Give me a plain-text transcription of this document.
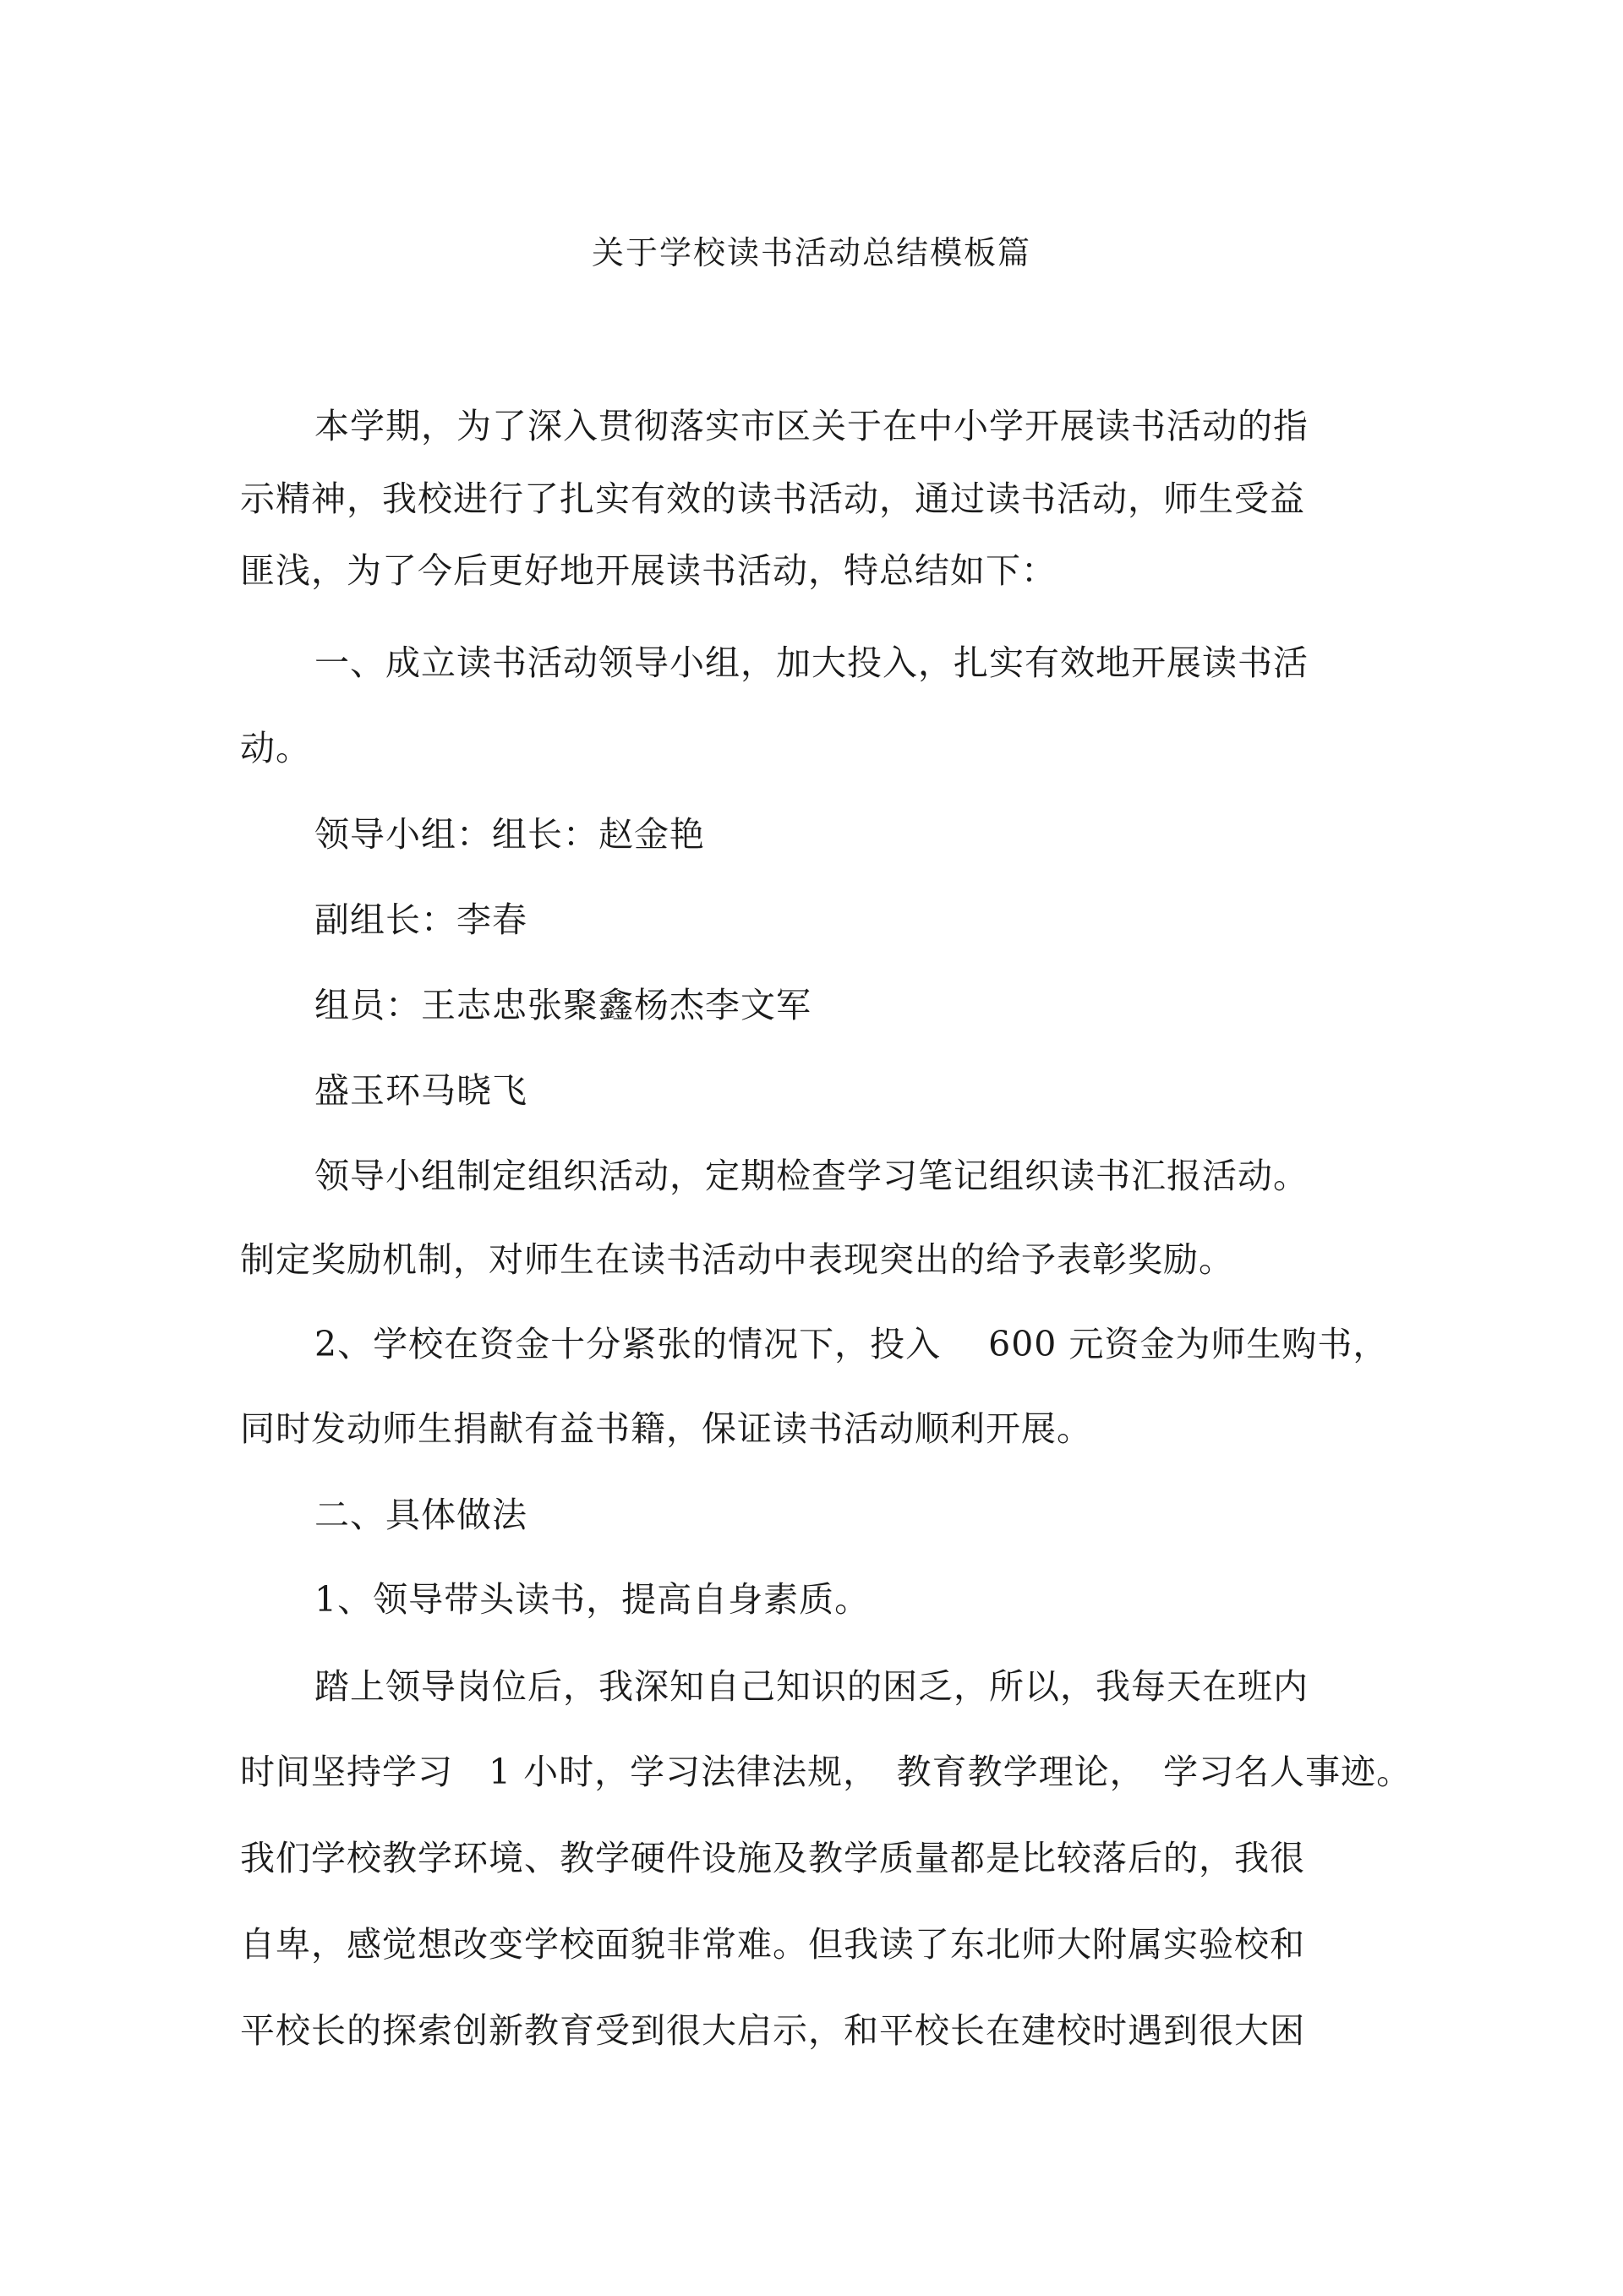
关于学校读书活动总结模板篇
本学期，为了深入贯彻落实市区关于在中小学开展读书活动的指
示精神，我校进行了扎实有效的读书活动，通过读书活动，师生受益
匪浅，为了今后更好地开展读书活动，特总结如下：
一、成立读书活动领导小组，加大投入，扎实有效地开展读书活
动。
领导小组：组长：赵金艳
副组长：李春
组员：王志忠张聚鑫杨杰李文军
盛玉环马晓飞
领导小组制定组织活动，定期检查学习笔记组织读书汇报活动。
制定奖励机制，对师生在读书活动中表现突出的给予表彰奖励。
2、学校在资金十分紧张的情况下，投入　 600 元资金为师生购书，
同时发动师生捐献有益书籍，保证读书活动顺利开展。
二、具体做法
1、领导带头读书，提高自身素质。
踏上领导岗位后，我深知自己知识的困乏，所以，我每天在班内
时间坚持学习　1 小时，学习法律法规，　教育教学理论，　学习名人事迹。
我们学校教学环境、教学硬件设施及教学质量都是比较落后的，我很
自卑，感觉想改变学校面貌非常难。但我读了东北师大附属实验校和
平校长的探索创新教育受到很大启示，和平校长在建校时遇到很大困
